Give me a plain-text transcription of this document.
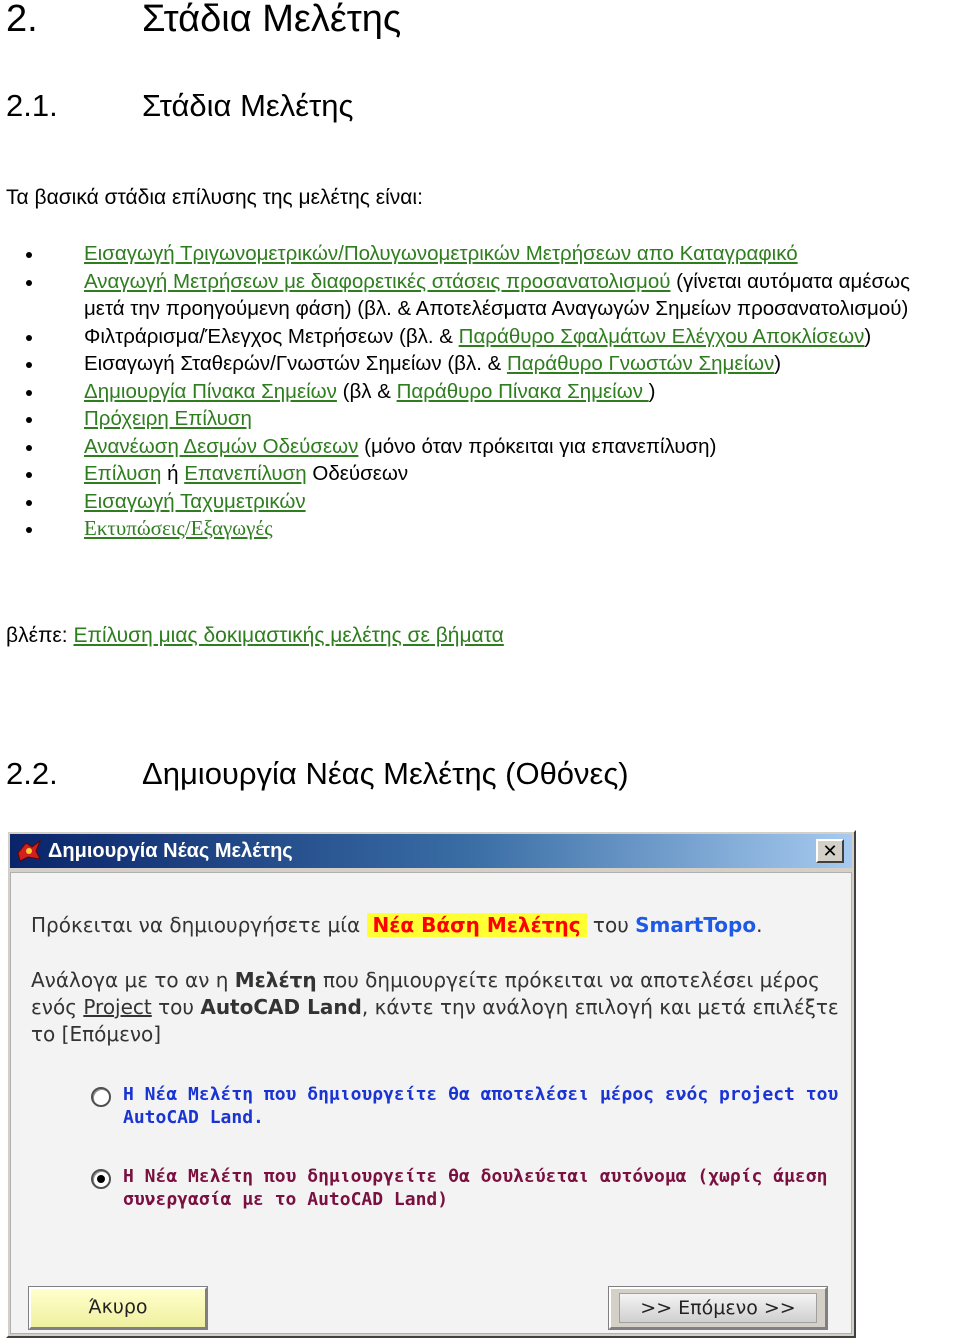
2.	Στάδια Μελέτης
2.1.	Στάδια Μελέτης
Τα βασικά στάδια επίλυσης της μελέτης είναι:
Εισαγωγή Τριγωνομετρικών/Πολυγωνομετρικών Μετρήσεων απο Καταγραφικό
Αναγωγή Μετρήσεων με διαφορετικές στάσεις προσανατολισμού (γίνεται αυτόματα αμέσως μετά την προηγούμενη φάση) (βλ. & Αποτελέσματα Αναγωγών Σημείων προσανατολισμού)
Φιλτράρισμα/Έλεγχος Μετρήσεων (βλ. & Παράθυρο Σφαλμάτων Ελέγχου Αποκλίσεων)
Εισαγωγή Σταθερών/Γνωστών Σημείων (βλ. & Παράθυρο Γνωστών Σημείων)
Δημιουργία Πίνακα Σημείων (βλ & Παράθυρο Πίνακα Σημείων )
Πρόχειρη Επίλυση
Ανανέωση Δεσμών Οδεύσεων (μόνο όταν πρόκειται για επανεπίλυση)
Επίλυση ή Επανεπίλυση Οδεύσεων
Εισαγωγή Ταχυμετρικών
Εκτυπώσεις/Εξαγωγές
βλέπε: Επίλυση μιας δοκιμαστικής μελέτης σε βήματα
2.2.	Δημιουργία Νέας Μελέτης (Οθόνες)
Δημιουργία Νέας Μελέτης	✕
Πρόκειται να δημιουργήσετε μία Νέα Βάση Μελέτης του SmartTopo.
Ανάλογα με το αν η Μελέτη που δημιουργείτε πρόκειται να αποτελέσει μέρος ενός Project του AutoCAD Land, κάντε την ανάλογη επιλογή και μετά επιλέξτε το [Επόμενο]
Η Νέα Μελέτη που δημιουργείτε θα αποτελέσει μέρος ενός project του AutoCAD Land.
Η Νέα Μελέτη που δημιουργείτε θα δουλεύεται αυτόνομα (χωρίς άμεση συνεργασία με το AutoCAD Land)
Άκυρο	>> Επόμενο >>
